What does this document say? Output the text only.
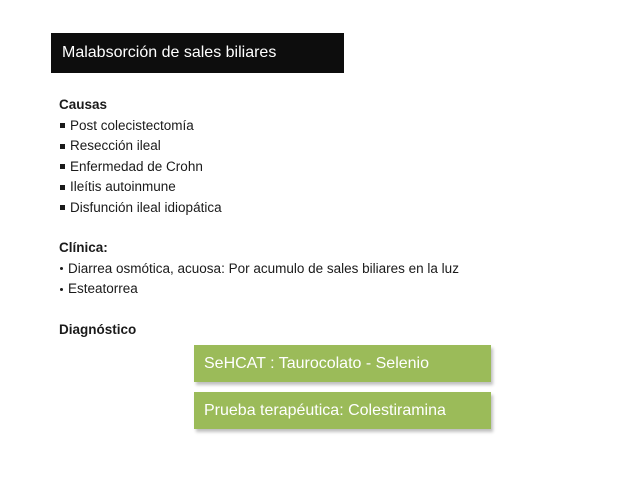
Malabsorción de sales biliares
Causas
Post colecistectomía
Resección ileal
Enfermedad de Crohn
Ileítis autoinmune
Disfunción ileal idiopática
Clínica:
Diarrea osmótica, acuosa: Por acumulo de sales biliares en la luz
Esteatorrea
Diagnóstico
SeHCAT : Taurocolato - Selenio
Prueba terapéutica: Colestiramina
